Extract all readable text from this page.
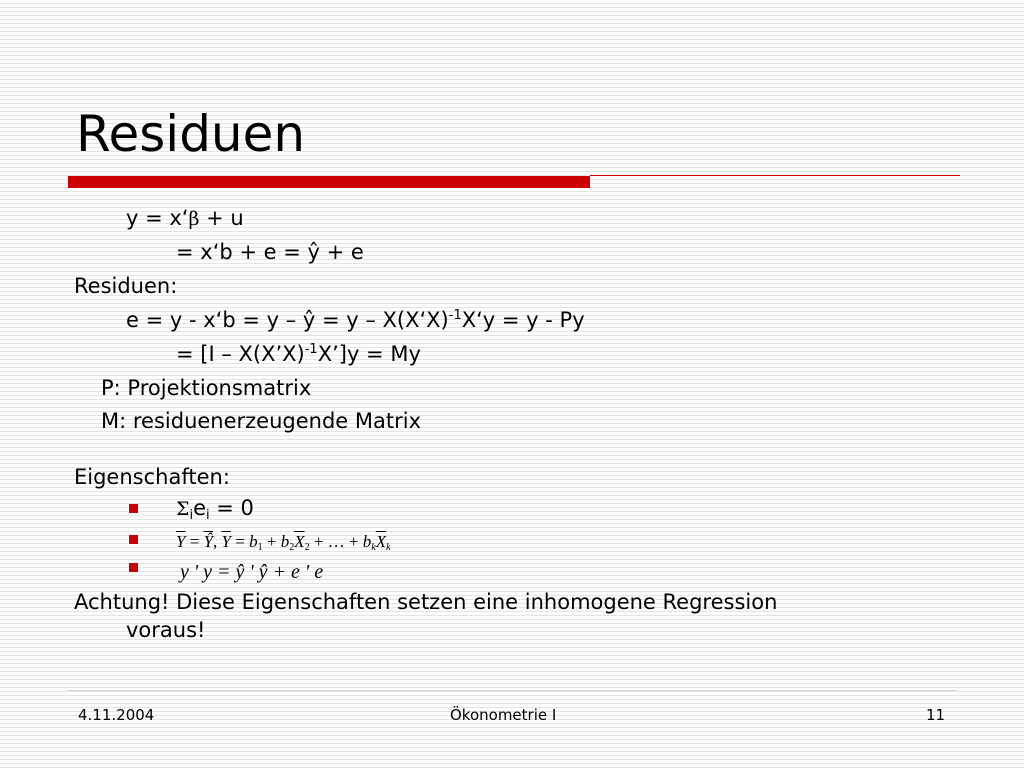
Residuen
y = x‘β + u
= x‘b + e = ŷ + e
Residuen:
e = y - x‘b = y – ŷ = y – X(X‘X)$^{-1}$X‘y = y - Py
= [I – X(X’X)$^{-1}$X’]y = My
P: Projektionsmatrix
M: residuenerzeugende Matrix
Eigenschaften:
$\Sigma_ie_i = 0$
$\overline{Y} = \overline{Ŷ}$, $\overline{Y} = b_1 + b_2\overline{X}_2$ + … + $b_k\overline{X}_k$
y ' y = ŷ ' ŷ + e ' e
Achtung! Diese Eigenschaften setzen eine inhomogene Regression
voraus!
4.11.2004	Ökonometrie I	11
